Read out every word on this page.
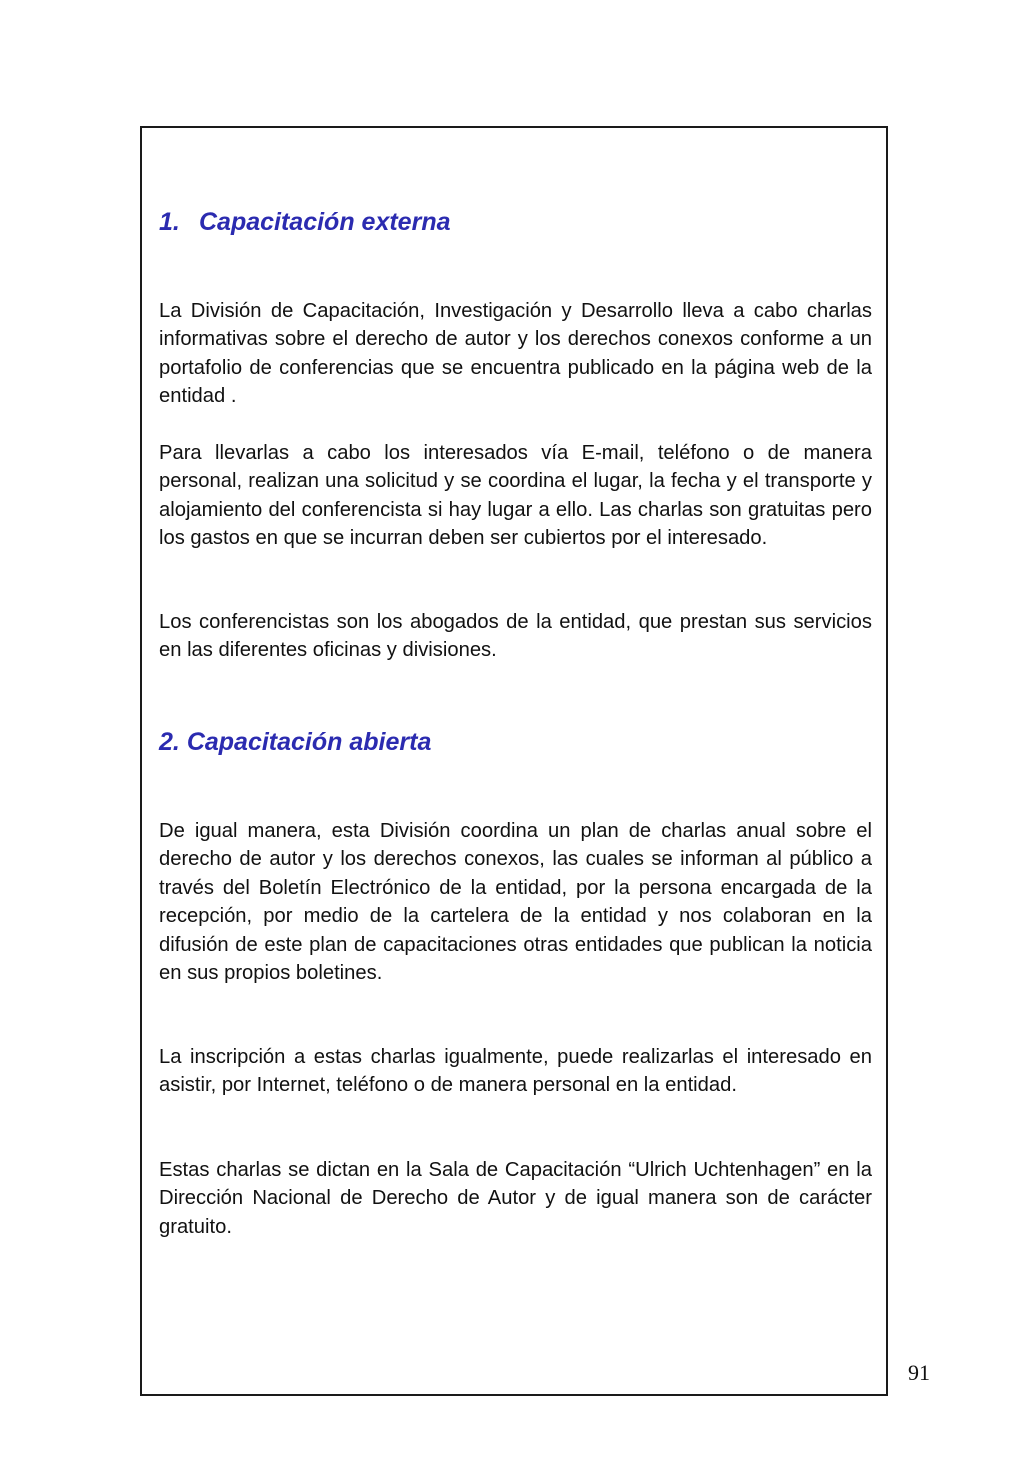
1. Capacitación externa

La División de Capacitación, Investigación y Desarrollo lleva a cabo charlas informativas sobre el derecho de autor y los derechos conexos conforme a un portafolio de conferencias que se encuentra publicado en la página web de la entidad .

Para llevarlas a cabo los interesados vía E-mail, teléfono o de manera personal, realizan una solicitud y se coordina el lugar, la fecha y el transporte y alojamiento del conferencista si hay lugar a ello. Las charlas son gratuitas pero los gastos en que se incurran deben ser cubiertos por el interesado.

Los conferencistas son los abogados de la entidad, que prestan sus servicios en las diferentes oficinas y divisiones.

2. Capacitación abierta

De igual manera, esta División coordina un plan de charlas anual sobre el derecho de autor y los derechos conexos, las cuales se informan al público a través del Boletín Electrónico de la entidad, por la persona encargada de la recepción, por medio de la cartelera de la entidad y nos colaboran en la difusión de este plan de capacitaciones otras entidades que publican la noticia en sus propios boletines.

La inscripción a estas charlas igualmente, puede realizarlas el interesado en asistir, por Internet, teléfono o de manera personal en la entidad.

Estas charlas se dictan en la Sala de Capacitación “Ulrich Uchtenhagen” en la Dirección Nacional de Derecho de Autor y de igual manera son de carácter gratuito.

91
